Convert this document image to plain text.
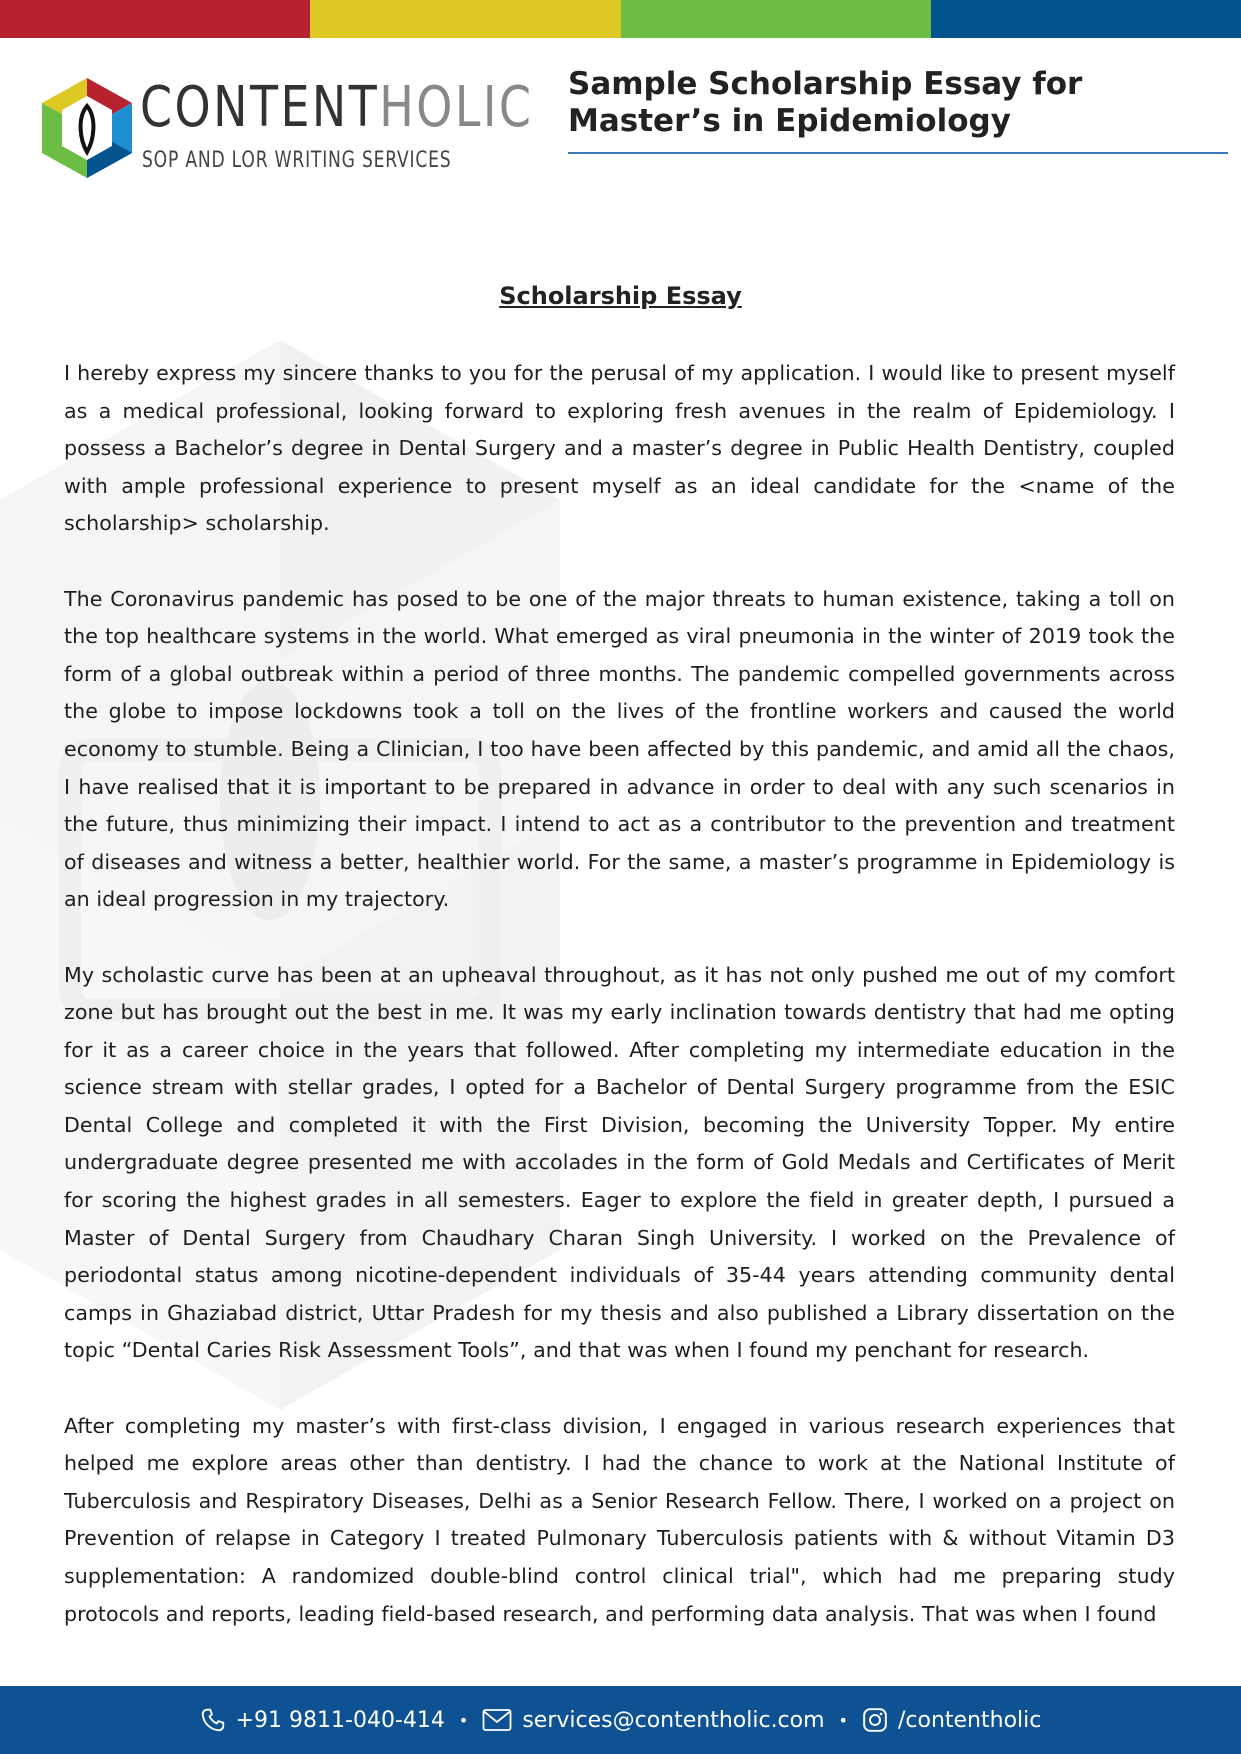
CONTENTHOLIC
SOP AND LOR WRITING SERVICES
Sample Scholarship Essay for Master’s in Epidemiology
Scholarship Essay

I hereby express my sincere thanks to you for the perusal of my application. I would like to present myself as a medical professional, looking forward to exploring fresh avenues in the realm of Epidemiology. I possess a Bachelor’s degree in Dental Surgery and a master’s degree in Public Health Dentistry, coupled with ample professional experience to present myself as an ideal candidate for the <name of the scholarship> scholarship.

The Coronavirus pandemic has posed to be one of the major threats to human existence, taking a toll on the top healthcare systems in the world. What emerged as viral pneumonia in the winter of 2019 took the form of a global outbreak within a period of three months. The pandemic compelled governments across the globe to impose lockdowns took a toll on the lives of the frontline workers and caused the world economy to stumble. Being a Clinician, I too have been affected by this pandemic, and amid all the chaos, I have realised that it is important to be prepared in advance in order to deal with any such scenarios in the future, thus minimizing their impact. I intend to act as a contributor to the prevention and treatment of diseases and witness a better, healthier world. For the same, a master’s programme in Epidemiology is an ideal progression in my trajectory.

My scholastic curve has been at an upheaval throughout, as it has not only pushed me out of my comfort zone but has brought out the best in me. It was my early inclination towards dentistry that had me opting for it as a career choice in the years that followed. After completing my intermediate education in the science stream with stellar grades, I opted for a Bachelor of Dental Surgery programme from the ESIC Dental College and completed it with the First Division, becoming the University Topper. My entire undergraduate degree presented me with accolades in the form of Gold Medals and Certificates of Merit for scoring the highest grades in all semesters. Eager to explore the field in greater depth, I pursued a Master of Dental Surgery from Chaudhary Charan Singh University. I worked on the Prevalence of periodontal status among nicotine-dependent individuals of 35-44 years attending community dental camps in Ghaziabad district, Uttar Pradesh for my thesis and also published a Library dissertation on the topic “Dental Caries Risk Assessment Tools”, and that was when I found my penchant for research.

After completing my master’s with first-class division, I engaged in various research experiences that helped me explore areas other than dentistry. I had the chance to work at the National Institute of Tuberculosis and Respiratory Diseases, Delhi as a Senior Research Fellow. There, I worked on a project on Prevention of relapse in Category I treated Pulmonary Tuberculosis patients with & without Vitamin D3 supplementation: A randomized double-blind control clinical trial", which had me preparing study protocols and reports, leading field-based research, and performing data analysis. That was when I found

+91 9811-040-414 • services@contentholic.com • /contentholic
